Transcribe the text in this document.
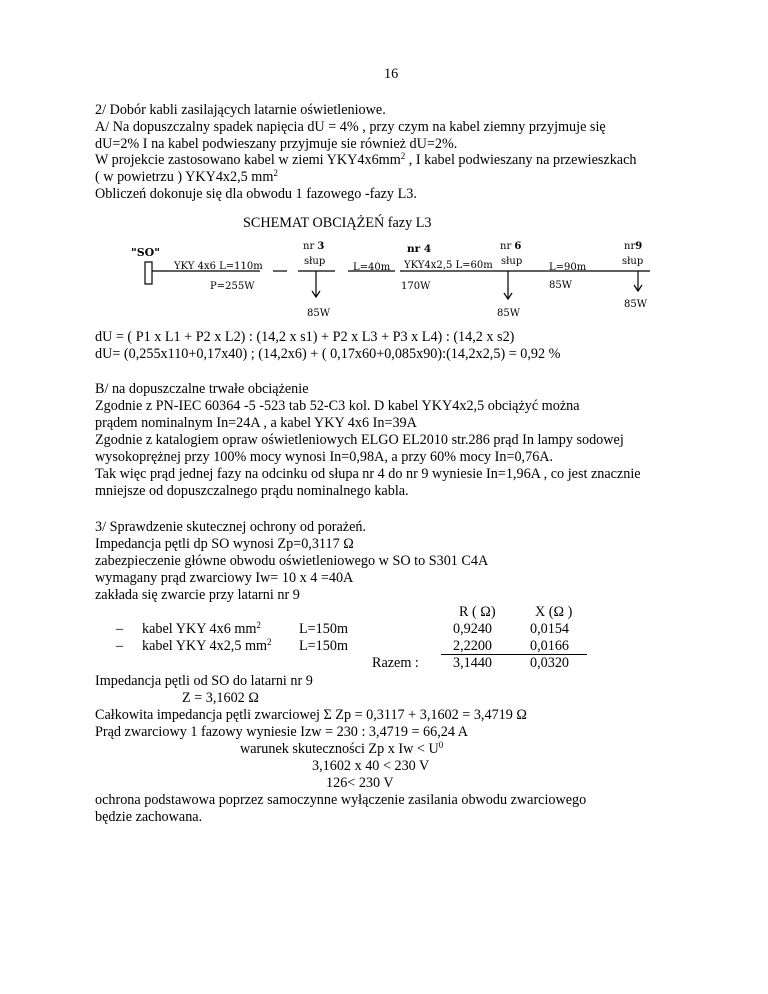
16
2/ Dobór kabli zasilających latarnie oświetleniowe.
A/ Na dopuszczalny spadek napięcia dU = 4% , przy czym na kabel ziemny przyjmuje się
dU=2% I na kabel podwieszany przyjmuje sie również dU=2%.
W projekcie zastosowano kabel w ziemi $YKY4x6mm^2$ , I kabel podwieszany na przewieszkach
( w powietrzu ) YKY4x2,5 $mm^2$
Obliczeń dokonuje się dla obwodu 1 fazowego -fazy L3.
SCHEMAT OBCIĄŻEŃ fazy L3
"SO"
YKY 4x6 L=110m
P=255W
nr 3
słup
85W
L=40m
nr 4
YKY4x2,5 L=60m
170W
nr 6
słup
85W
L=90m
85W
nr9
słup
85W
dU = ( P1 x L1 + P2 x L2) : (14,2 x s1) + P2 x L3 + P3 x L4) : (14,2 x s2)
dU= (0,255x110+0,17x40) ; (14,2x6) + ( 0,17x60+0,085x90):(14,2x2,5) = 0,92 %
B/ na dopuszczalne trwałe obciążenie
Zgodnie z PN-IEC 60364 -5 -523 tab 52-C3 kol. D kabel YKY4x2,5 obciążyć można
prądem nominalnym In=24A , a kabel YKY 4x6 In=39A
Zgodnie z katalogiem opraw oświetleniowych ELGO EL2010 str.286 prąd In lampy sodowej
wysokoprężnej przy 100% mocy wynosi In=0,98A, a przy 60% mocy In=0,76A.
Tak więc prąd jednej fazy na odcinku od słupa nr 4 do nr 9 wyniesie In=1,96A , co jest znacznie
mniejsze od dopuszczalnego prądu nominalnego kabla.
3/ Sprawdzenie skutecznej ochrony od porażeń.
Impedancja pętli dp SO wynosi Zp=0,3117 Ω
zabezpieczenie główne obwodu oświetleniowego w SO to S301 C4A
wymagany prąd zwarciowy Iw= 10 x 4 =40A
zakłada się zwarcie przy latarni nr 9
R ( Ω)	X (Ω )
– kabel YKY 4x6 $mm^2$	L=150m	0,9240	0,0154
– kabel YKY 4x2,5 $mm^2$ L=150m	2,2200	0,0166
Razem : 3,1440	0,0320
Impedancja pętli od SO do latarni nr 9
Z = 3,1602 Ω
Całkowita impedancja pętli zwarciowej Σ Zp = 0,3117 + 3,1602 = 3,4719 Ω
Prąd zwarciowy 1 fazowy wyniesie Izw = 230 : 3,4719 = 66,24 A
warunek skuteczności Zp x $Iw < U^0$
3,1602 x 40 < 230 V
126< 230 V
ochrona podstawowa poprzez samoczynne wyłączenie zasilania obwodu zwarciowego
będzie zachowana.
